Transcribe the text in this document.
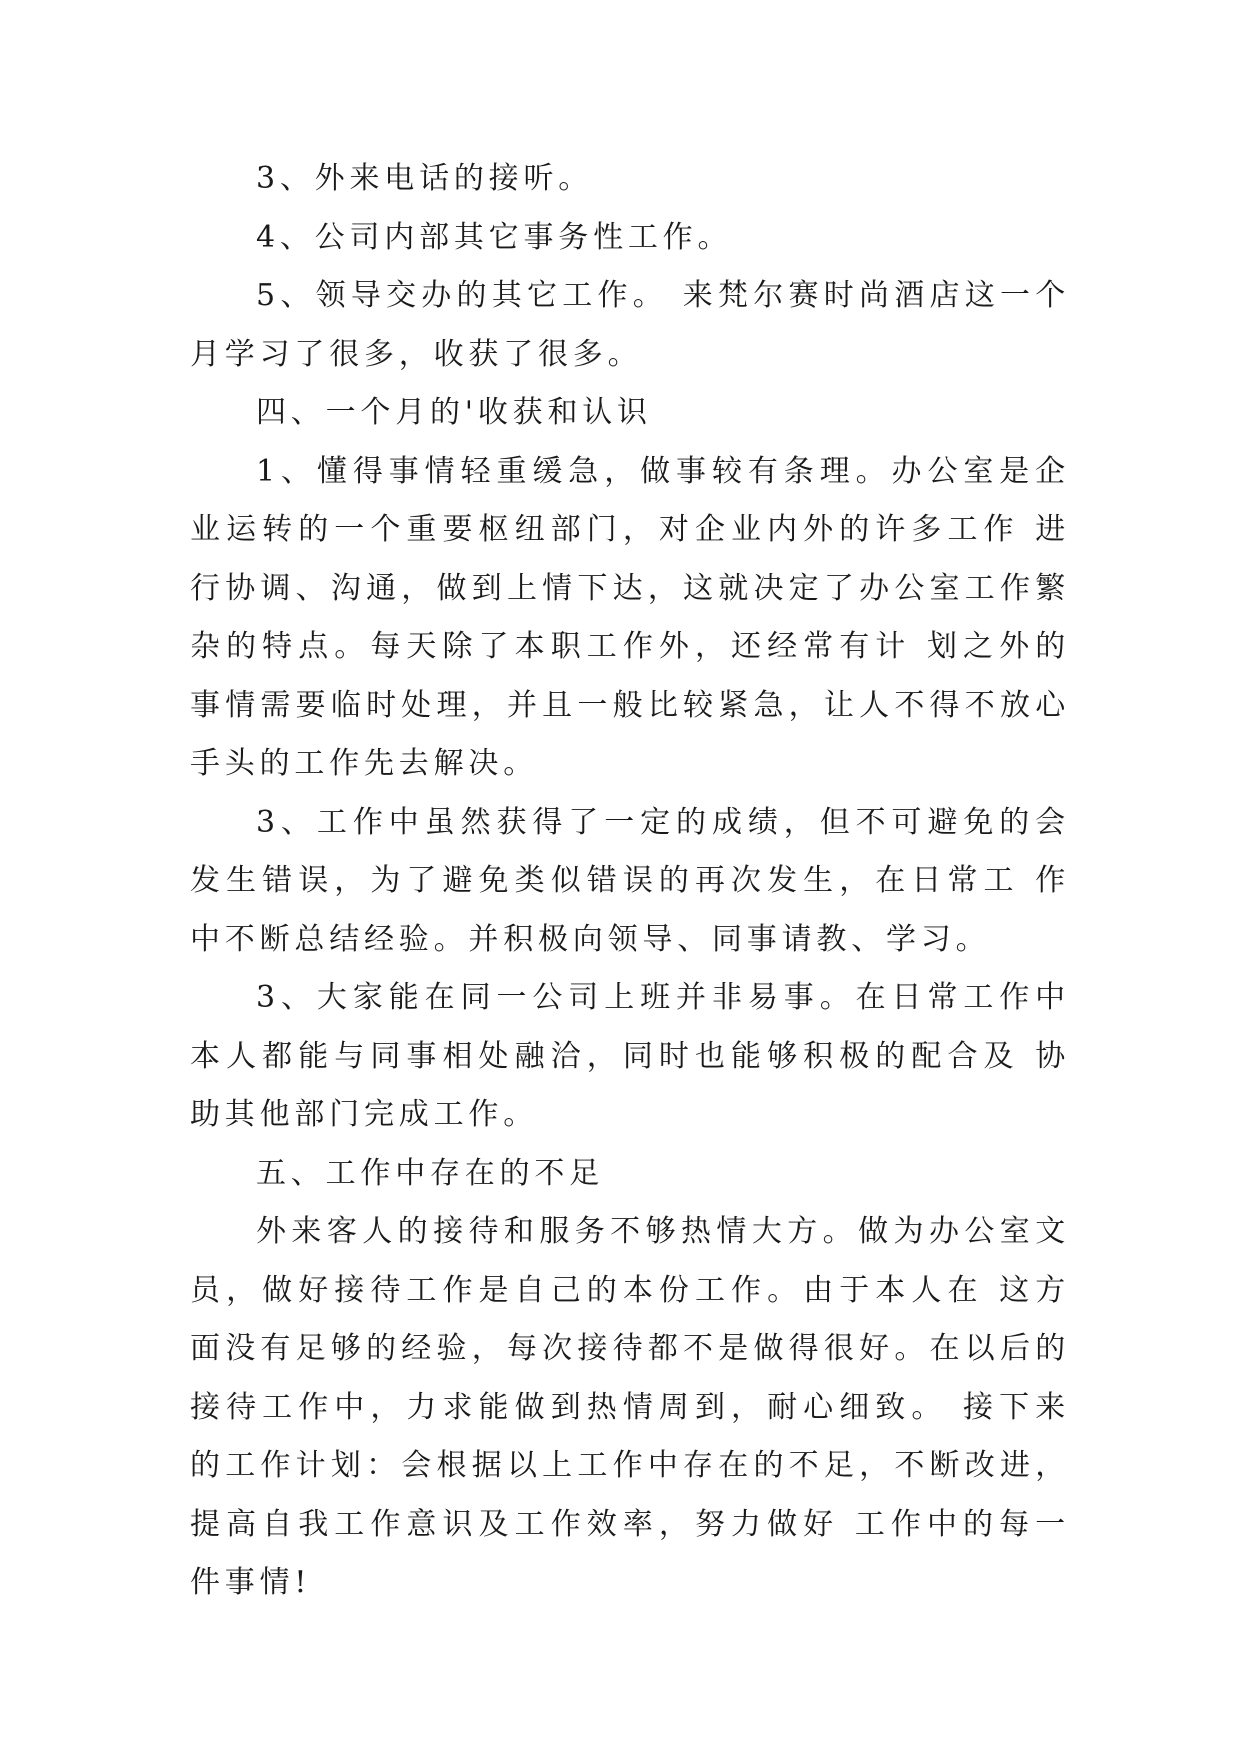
3、外来电话的接听。

4、公司内部其它事务性工作。

5、领导交办的其它工作。 来梵尔赛时尚酒店这一个月学习了很多，收获了很多。

四、一个月的'收获和认识

1、懂得事情轻重缓急，做事较有条理。办公室是企业运转的一个重要枢纽部门，对企业内外的许多工作 进行协调、沟通，做到上情下达，这就决定了办公室工作繁杂的特点。每天除了本职工作外，还经常有计 划之外的事情需要临时处理，并且一般比较紧急，让人不得不放心手头的工作先去解决。

3、工作中虽然获得了一定的成绩，但不可避免的会发生错误，为了避免类似错误的再次发生，在日常工 作中不断总结经验。并积极向领导、同事请教、学习。

3、大家能在同一公司上班并非易事。在日常工作中本人都能与同事相处融洽，同时也能够积极的配合及 协助其他部门完成工作。

五、工作中存在的不足

外来客人的接待和服务不够热情大方。做为办公室文员，做好接待工作是自己的本份工作。由于本人在 这方面没有足够的经验，每次接待都不是做得很好。在以后的接待工作中，力求能做到热情周到，耐心细致。 接下来的工作计划：会根据以上工作中存在的不足，不断改进，提高自我工作意识及工作效率，努力做好 工作中的每一件事情!
